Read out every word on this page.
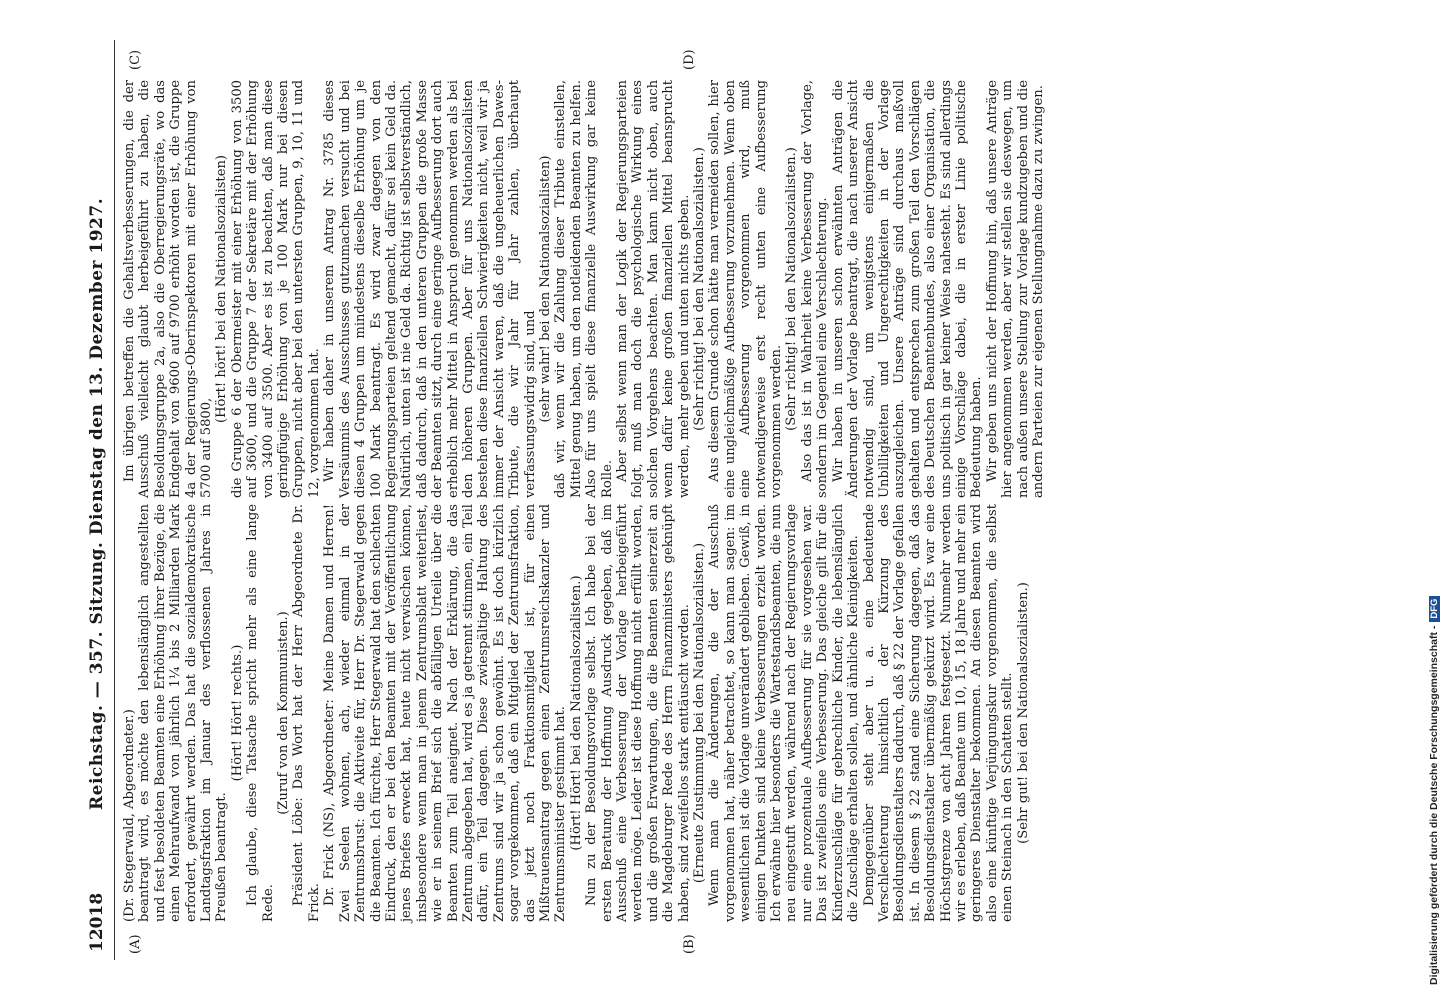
12018
Reichstag. — 357. Sitzung. Dienstag den 13. Dezember 1927.
(A)	(B)
(C)	(D)

(Dr. Stegerwald, Abgeordneter.) beantragt wird, es möchte den lebenslänglich angestellten und fest besoldeten Beamten eine Erhöhung ihrer Bezüge, die einen Mehraufwand von jährlich 1¼ bis 2 Milliarden Mark erfordert, gewährt werden. Das hat die sozialdemokratische Landtagsfraktion im Januar des verflossenen Jahres in Preußen beantragt.

(Hört! Hört! rechts.) Ich glaube, diese Tatsache spricht mehr als eine lange Rede.

(Zuruf von den Kommunisten.) Präsident Löbe: Das Wort hat der Herr Abgeordnete Dr. Frick. Dr. Frick (NS), Abgeordneter: Meine Damen und Herren! Zwei Seelen wohnen, ach, wieder einmal in der Zentrumsbrust: die Aktiveite für, Herr Dr. Stegerwald gegen die Beamten. Ich fürchte, Herr Stegerwald hat den schlechten Eindruck, den er bei den Beamten mit der Veröffentlichung jenes Briefes erweckt hat, heute nicht verwischen können, insbesondere wenn man in jenem Zentrumsblatt weiterliest, wie er in seinem Brief sich die abfälligen Urteile über die Beamten zum Teil aneignet. Nach der Erklärung, die das Zentrum abgegeben hat, wird es ja getrennt stimmen, ein Teil dafür, ein Teil dagegen. Diese zwiespältige Haltung des Zentrums sind wir ja schon gewöhnt. Es ist doch kürzlich sogar vorgekommen, daß ein Mitglied der Zentrumsfraktion, das jetzt noch Fraktionsmitglied ist, für einen Mißtrauensantrag gegen einen Zentrumsreichskanzler und Zentrumsminister gestimmt hat. (Hört! Hört! bei den Nationalsozialisten.) Nun zu der Besoldungsvorlage selbst. Ich habe bei der ersten Beratung der Hoffnung Ausdruck gegeben, daß im Ausschuß eine Verbesserung der Vorlage herbeigeführt werden möge. Leider ist diese Hoffnung nicht erfüllt worden, und die großen Erwartungen, die die Beamten seinerzeit an die Magdeburger Rede des Herrn Finanzministers geknüpft haben, sind zweifellos stark enttäuscht worden. (Erneute Zustimmung bei den Nationalsozialisten.) Wenn man die Änderungen, die der Ausschuß vorgenommen hat, näher betrachtet, so kann man sagen: im wesentlichen ist die Vorlage unverändert geblieben. Gewiß, in einigen Punkten sind kleine Verbesserungen erzielt worden. Ich erwähne hier besonders die Wartestandsbeamten, die nun neu eingestuft werden, während nach der Regierungsvorlage nur eine prozentuale Aufbesserung für sie vorgesehen war. Das ist zweifellos eine Verbesserung. Das gleiche gilt für die Kinderzuschläge für gebrechliche Kinder, die lebenslänglich die Zuschläge erhalten sollen, und ähnliche Kleinigkeiten. Demgegenüber steht aber u. a. eine bedeutende Verschlechterung hinsichtlich der Kürzung des Besoldungsdienstalters dadurch, daß § 22 der Vorlage gefallen ist. In diesem § 22 stand eine Sicherung dagegen, daß das Besoldungsdienstalter übermäßig gekürzt wird. Es war eine Höchstgrenze von acht Jahren festgesetzt. Nunmehr werden wir es erleben, daß Beamte um 10, 15, 18 Jahre und mehr ein geringeres Dienstalter bekommen. An diesen Beamten wird also eine künftige Verjüngungskur vorgenommen, die selbst einen Steinach in den Schatten stellt. (Sehr gut! bei den Nationalsozialisten.)

Im übrigen betreffen die Gehaltsverbesserungen, die der Ausschuß vielleicht glaubt herbeigeführt zu haben, die Besoldungsgruppe 2a, also die Oberregierungsräte, wo das Endgehalt von 9600 auf 9700 erhöht worden ist, die Gruppe 4a der Regierungs-Oberinspektoren mit einer Erhöhung von 5700 auf 5800,

(Hört! hört! bei den Nationalsozialisten) die Gruppe 6 der Obermeister mit einer Erhöhung von 3500 auf 3600, und die Gruppe 7 der Sekretäre mit der Erhöhung von 3400 auf 3500. Aber es ist zu beachten, daß man diese geringfügige Erhöhung von je 100 Mark nur bei diesen Gruppen, nicht aber bei den untersten Gruppen, 9, 10, 11 und 12, vorgenommen hat. Wir haben daher in unserem Antrag Nr. 3785 dieses Versäumnis des Ausschusses gutzumachen versucht und bei diesen 4 Gruppen um mindestens dieselbe Erhöhung um je 100 Mark beantragt. Es wird zwar dagegen von den Regierungsparteien geltend gemacht, dafür sei kein Geld da. Natürlich, unten ist nie Geld da. Richtig ist selbstverständlich, daß dadurch, daß in den unteren Gruppen die große Masse der Beamten sitzt, durch eine geringe Aufbesserung dort auch erheblich mehr Mittel in Anspruch genommen werden als bei den höheren Gruppen. Aber für uns Nationalsozialisten bestehen diese finanziellen Schwierigkeiten nicht, weil wir ja immer der Ansicht waren, daß die ungeheuerlichen Dawes-Tribute, die wir Jahr für Jahr zahlen, überhaupt verfassungswidrig sind, und (sehr wahr! bei den Nationalsozialisten) daß wir, wenn wir die Zahlung dieser Tribute einstellen, Mittel genug haben, um den notleidenden Beamten zu helfen. Also für uns spielt diese finanzielle Auswirkung gar keine Rolle. Aber selbst wenn man der Logik der Regierungsparteien folgt, muß man doch die psychologische Wirkung eines solchen Vorgehens beachten. Man kann nicht oben, auch wenn dafür keine großen finanziellen Mittel beansprucht werden, mehr geben und unten nichts geben. (Sehr richtig! bei den Nationalsozialisten.) Aus diesem Grunde schon hätte man vermeiden sollen, hier eine ungleichmäßige Aufbesserung vorzunehmen. Wenn oben eine Aufbesserung vorgenommen wird, muß notwendigerweise erst recht unten eine Aufbesserung vorgenommen werden. (Sehr richtig! bei den Nationalsozialisten.) Also das ist in Wahrheit keine Verbesserung der Vorlage, sondern im Gegenteil eine Verschlechterung. Wir haben in unseren schon erwähnten Anträgen die Änderungen der Vorlage beantragt, die nach unserer Ansicht notwendig sind, um wenigstens einigermaßen die Unbilligkeiten und Ungerechtigkeiten in der Vorlage auszugleichen. Unsere Anträge sind durchaus maßvoll gehalten und entsprechen zum großen Teil den Vorschlägen des Deutschen Beamtenbundes, also einer Organisation, die uns politisch in gar keiner Weise nahesteht. Es sind allerdings einige Vorschläge dabei, die in erster Linie politische Bedeutung haben. Wir geben uns nicht der Hoffnung hin, daß unsere Anträge hier angenommen werden, aber wir stellen sie deswegen, um nach außen unsere Stellung zur Vorlage kundzugeben und die andern Parteien zur eigenen Stellungnahme dazu zu zwingen.

Digitalisierung gefördert durch die Deutsche Forschungsgemeinschaft -DFG
